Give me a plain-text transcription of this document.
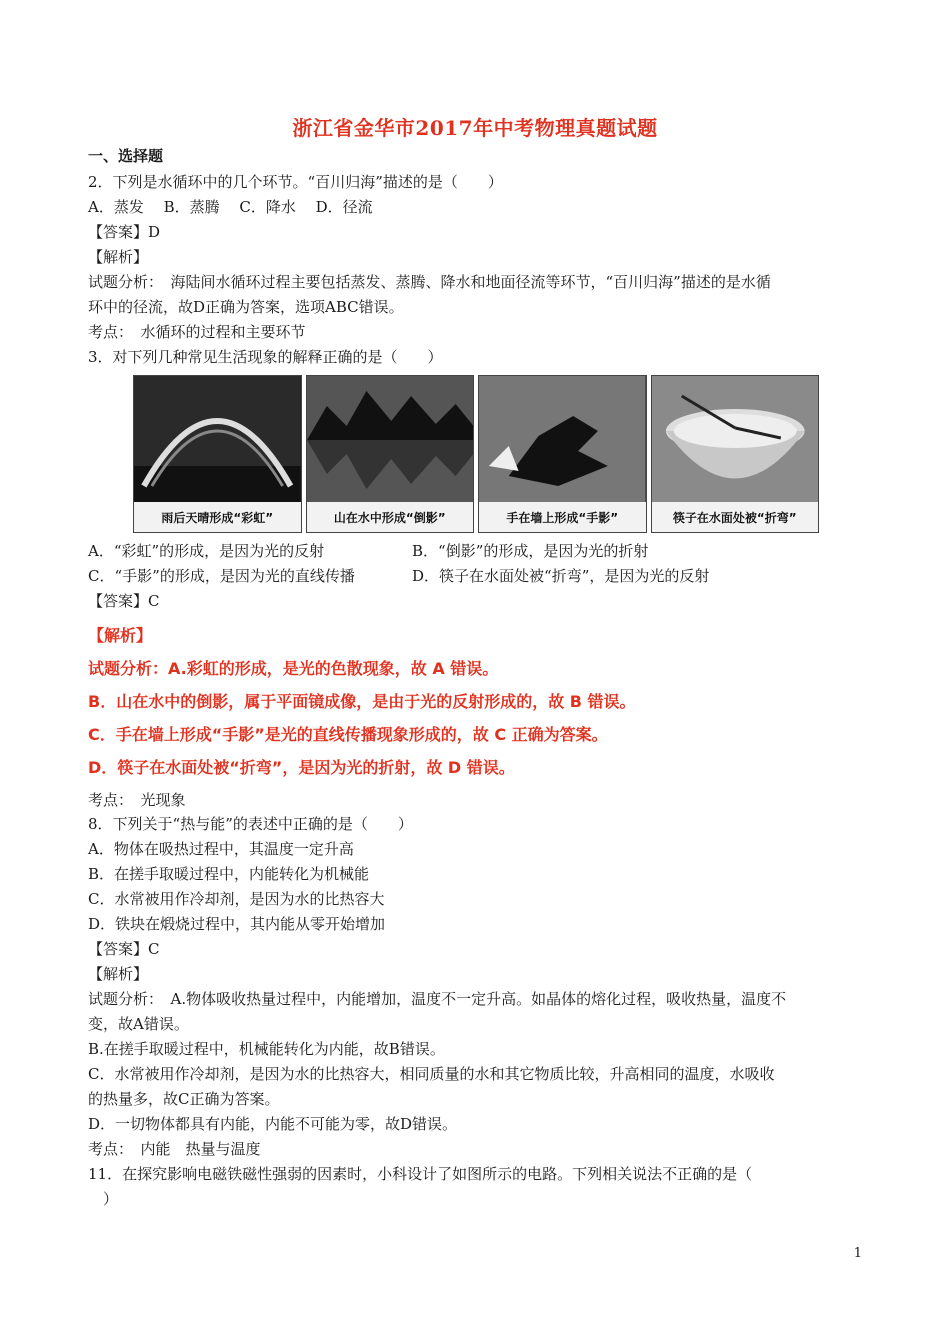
浙江省金华市2017年中考物理真题试题
一、选择题
2．下列是水循环中的几个环节。“百川归海”描述的是（　　）
A．蒸发　 B．蒸腾　 C．降水　 D．径流
【答案】D
【解析】
试题分析：　海陆间水循环过程主要包括蒸发、蒸腾、降水和地面径流等环节，“百川归海”描述的是水循
环中的径流，故D正确为答案，选项ABC错误。
考点：　水循环的过程和主要环节
3．对下列几种常见生活现象的解释正确的是（　　）
雨后天晴形成“彩虹”	山在水中形成“倒影”	手在墙上形成“手影”	筷子在水面处被“折弯”
A．“彩虹”的形成，是因为光的反射	B．“倒影”的形成，是因为光的折射
C．“手影”的形成，是因为光的直线传播	D．筷子在水面处被“折弯”，是因为光的反射
【答案】C
【解析】
试题分析：A.彩虹的形成，是光的色散现象，故 A 错误。
B．山在水中的倒影，属于平面镜成像，是由于光的反射形成的，故 B 错误。
C．手在墙上形成“手影”是光的直线传播现象形成的，故 C 正确为答案。
D．筷子在水面处被“折弯”，是因为光的折射，故 D 错误。
考点：　光现象
8．下列关于“热与能”的表述中正确的是（　　）
A．物体在吸热过程中，其温度一定升高
B．在搓手取暖过程中，内能转化为机械能
C．水常被用作冷却剂，是因为水的比热容大
D．铁块在煅烧过程中，其内能从零开始增加
【答案】C
【解析】
试题分析：　A.物体吸收热量过程中，内能增加，温度不一定升高。如晶体的熔化过程，吸收热量，温度不
变，故A错误。
B.在搓手取暖过程中，机械能转化为内能，故B错误。
C．水常被用作冷却剂，是因为水的比热容大，相同质量的水和其它物质比较，升高相同的温度，水吸收
的热量多，故C正确为答案。
D．一切物体都具有内能，内能不可能为零，故D错误。
考点：　内能　热量与温度
11．在探究影响电磁铁磁性强弱的因素时，小科设计了如图所示的电路。下列相关说法不正确的是（
　）
1
